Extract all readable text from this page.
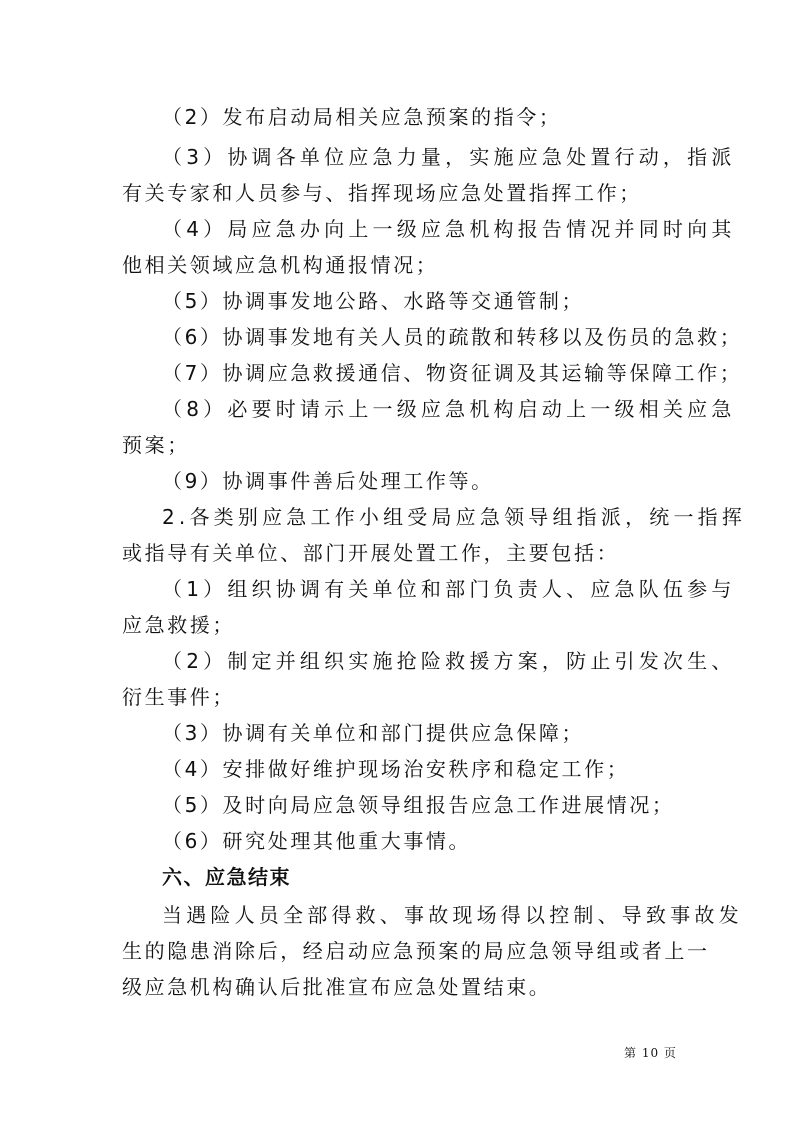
（2）发布启动局相关应急预案的指令；
（3）协调各单位应急力量，实施应急处置行动，指派
有关专家和人员参与、指挥现场应急处置指挥工作；
（4）局应急办向上一级应急机构报告情况并同时向其
他相关领域应急机构通报情况；
（5）协调事发地公路、水路等交通管制；
（6）协调事发地有关人员的疏散和转移以及伤员的急救；
（7）协调应急救援通信、物资征调及其运输等保障工作；
（8）必要时请示上一级应急机构启动上一级相关应急
预案；
（9）协调事件善后处理工作等。
2.各类别应急工作小组受局应急领导组指派，统一指挥
或指导有关单位、部门开展处置工作，主要包括：
（1）组织协调有关单位和部门负责人、应急队伍参与
应急救援；
（2）制定并组织实施抢险救援方案，防止引发次生、
衍生事件；
（3）协调有关单位和部门提供应急保障；
（4）安排做好维护现场治安秩序和稳定工作；
（5）及时向局应急领导组报告应急工作进展情况；
（6）研究处理其他重大事情。
六、应急结束
当遇险人员全部得救、事故现场得以控制、导致事故发
生的隐患消除后，经启动应急预案的局应急领导组或者上一
级应急机构确认后批准宣布应急处置结束。
第 10 页
